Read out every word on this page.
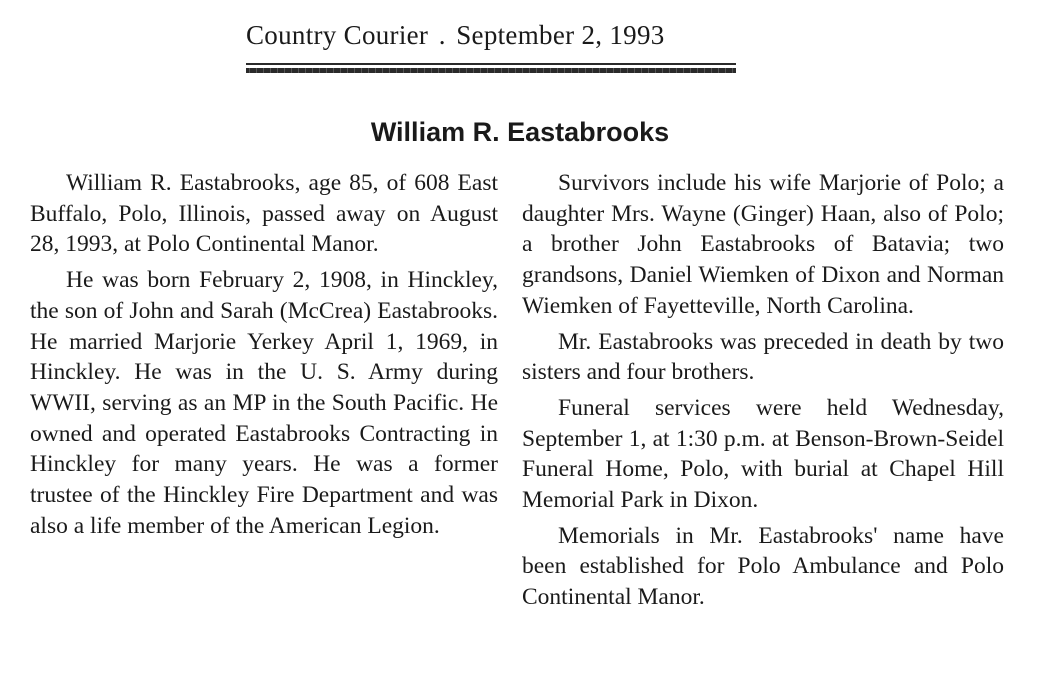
Country Courier . September 2, 1993
William R. Eastabrooks

William R. Eastabrooks, age 85, of 608 East Buffalo, Polo, Illinois, passed away on August 28, 1993, at Polo Continental Manor.

He was born February 2, 1908, in Hinckley, the son of John and Sarah (McCrea) Eastabrooks. He married Marjorie Yerkey April 1, 1969, in Hinckley. He was in the U. S. Army during WWII, serving as an MP in the South Pacific. He owned and operated Eastabrooks Contracting in Hinckley for many years. He was a former trustee of the Hinckley Fire Department and was also a life member of the American Legion.

Survivors include his wife Marjorie of Polo; a daughter Mrs. Wayne (Ginger) Haan, also of Polo; a brother John Eastabrooks of Batavia; two grandsons, Daniel Wiemken of Dixon and Norman Wiemken of Fayetteville, North Carolina.

Mr. Eastabrooks was preceded in death by two sisters and four brothers.

Funeral services were held Wednesday, September 1, at 1:30 p.m. at Benson-Brown-Seidel Funeral Home, Polo, with burial at Chapel Hill Memorial Park in Dixon.

Memorials in Mr. Eastabrooks' name have been established for Polo Ambulance and Polo Continental Manor.
